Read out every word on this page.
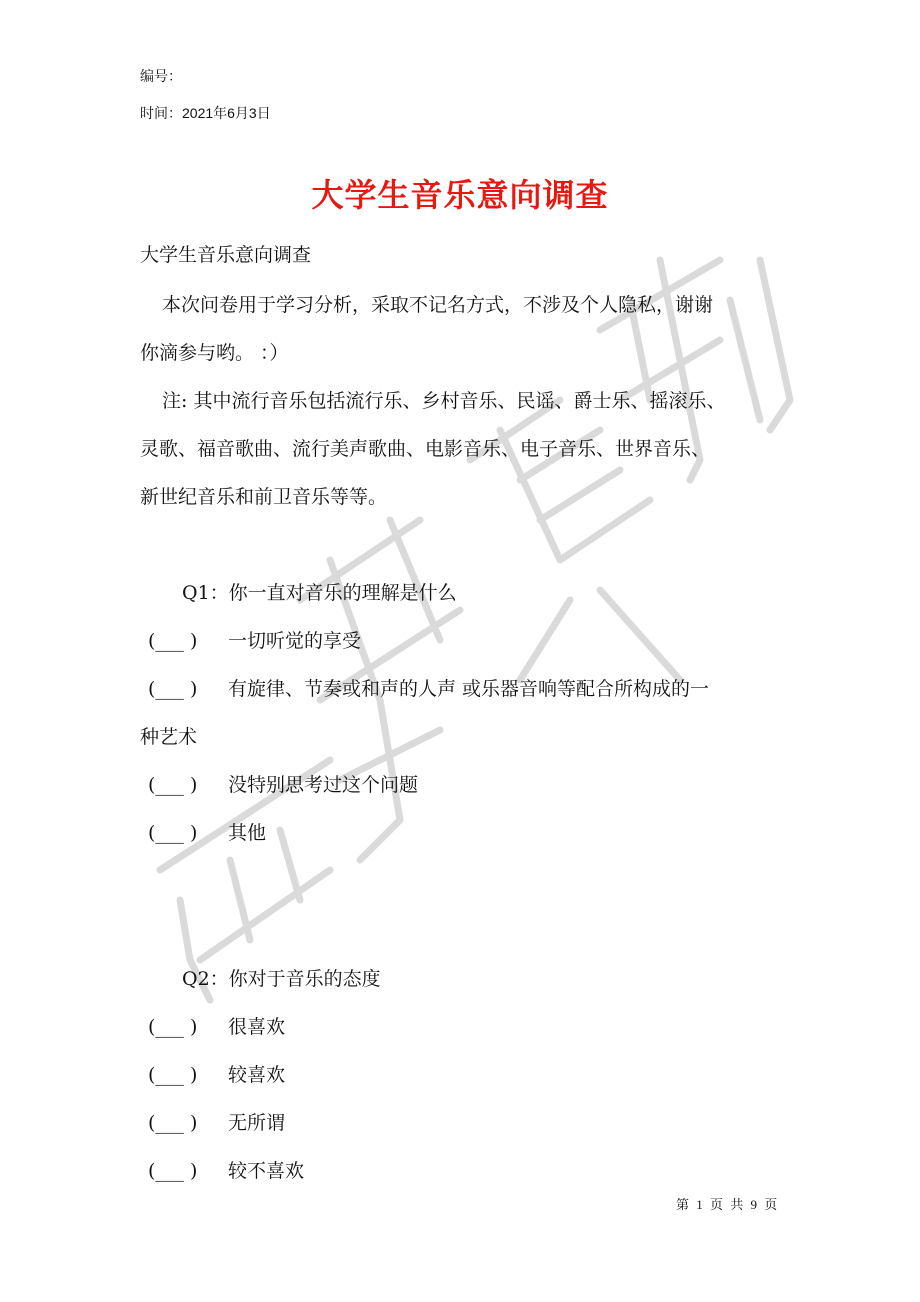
编号：
时间：2021年6月3日
大学生音乐意向调查
大学生音乐意向调查
本次问卷用于学习分析，采取不记名方式，不涉及个人隐私，谢谢
你滴参与哟。 ：）
注: 其中流行音乐包括流行乐、乡村音乐、民谣、爵士乐、摇滚乐、
灵歌、福音歌曲、流行美声歌曲、电影音乐、电子音乐、世界音乐、
新世纪音乐和前卫音乐等等。
Q1：你一直对音乐的理解是什么
(___ ) 一切听觉的享受
(___ ) 有旋律、节奏或和声的人声 或乐器音响等配合所构成的一
种艺术
(___ ) 没特别思考过这个问题
(___ ) 其他
Q2：你对于音乐的态度
(___ ) 很喜欢
(___ ) 较喜欢
(___ ) 无所谓
(___ ) 较不喜欢
第 1 页 共 9 页
